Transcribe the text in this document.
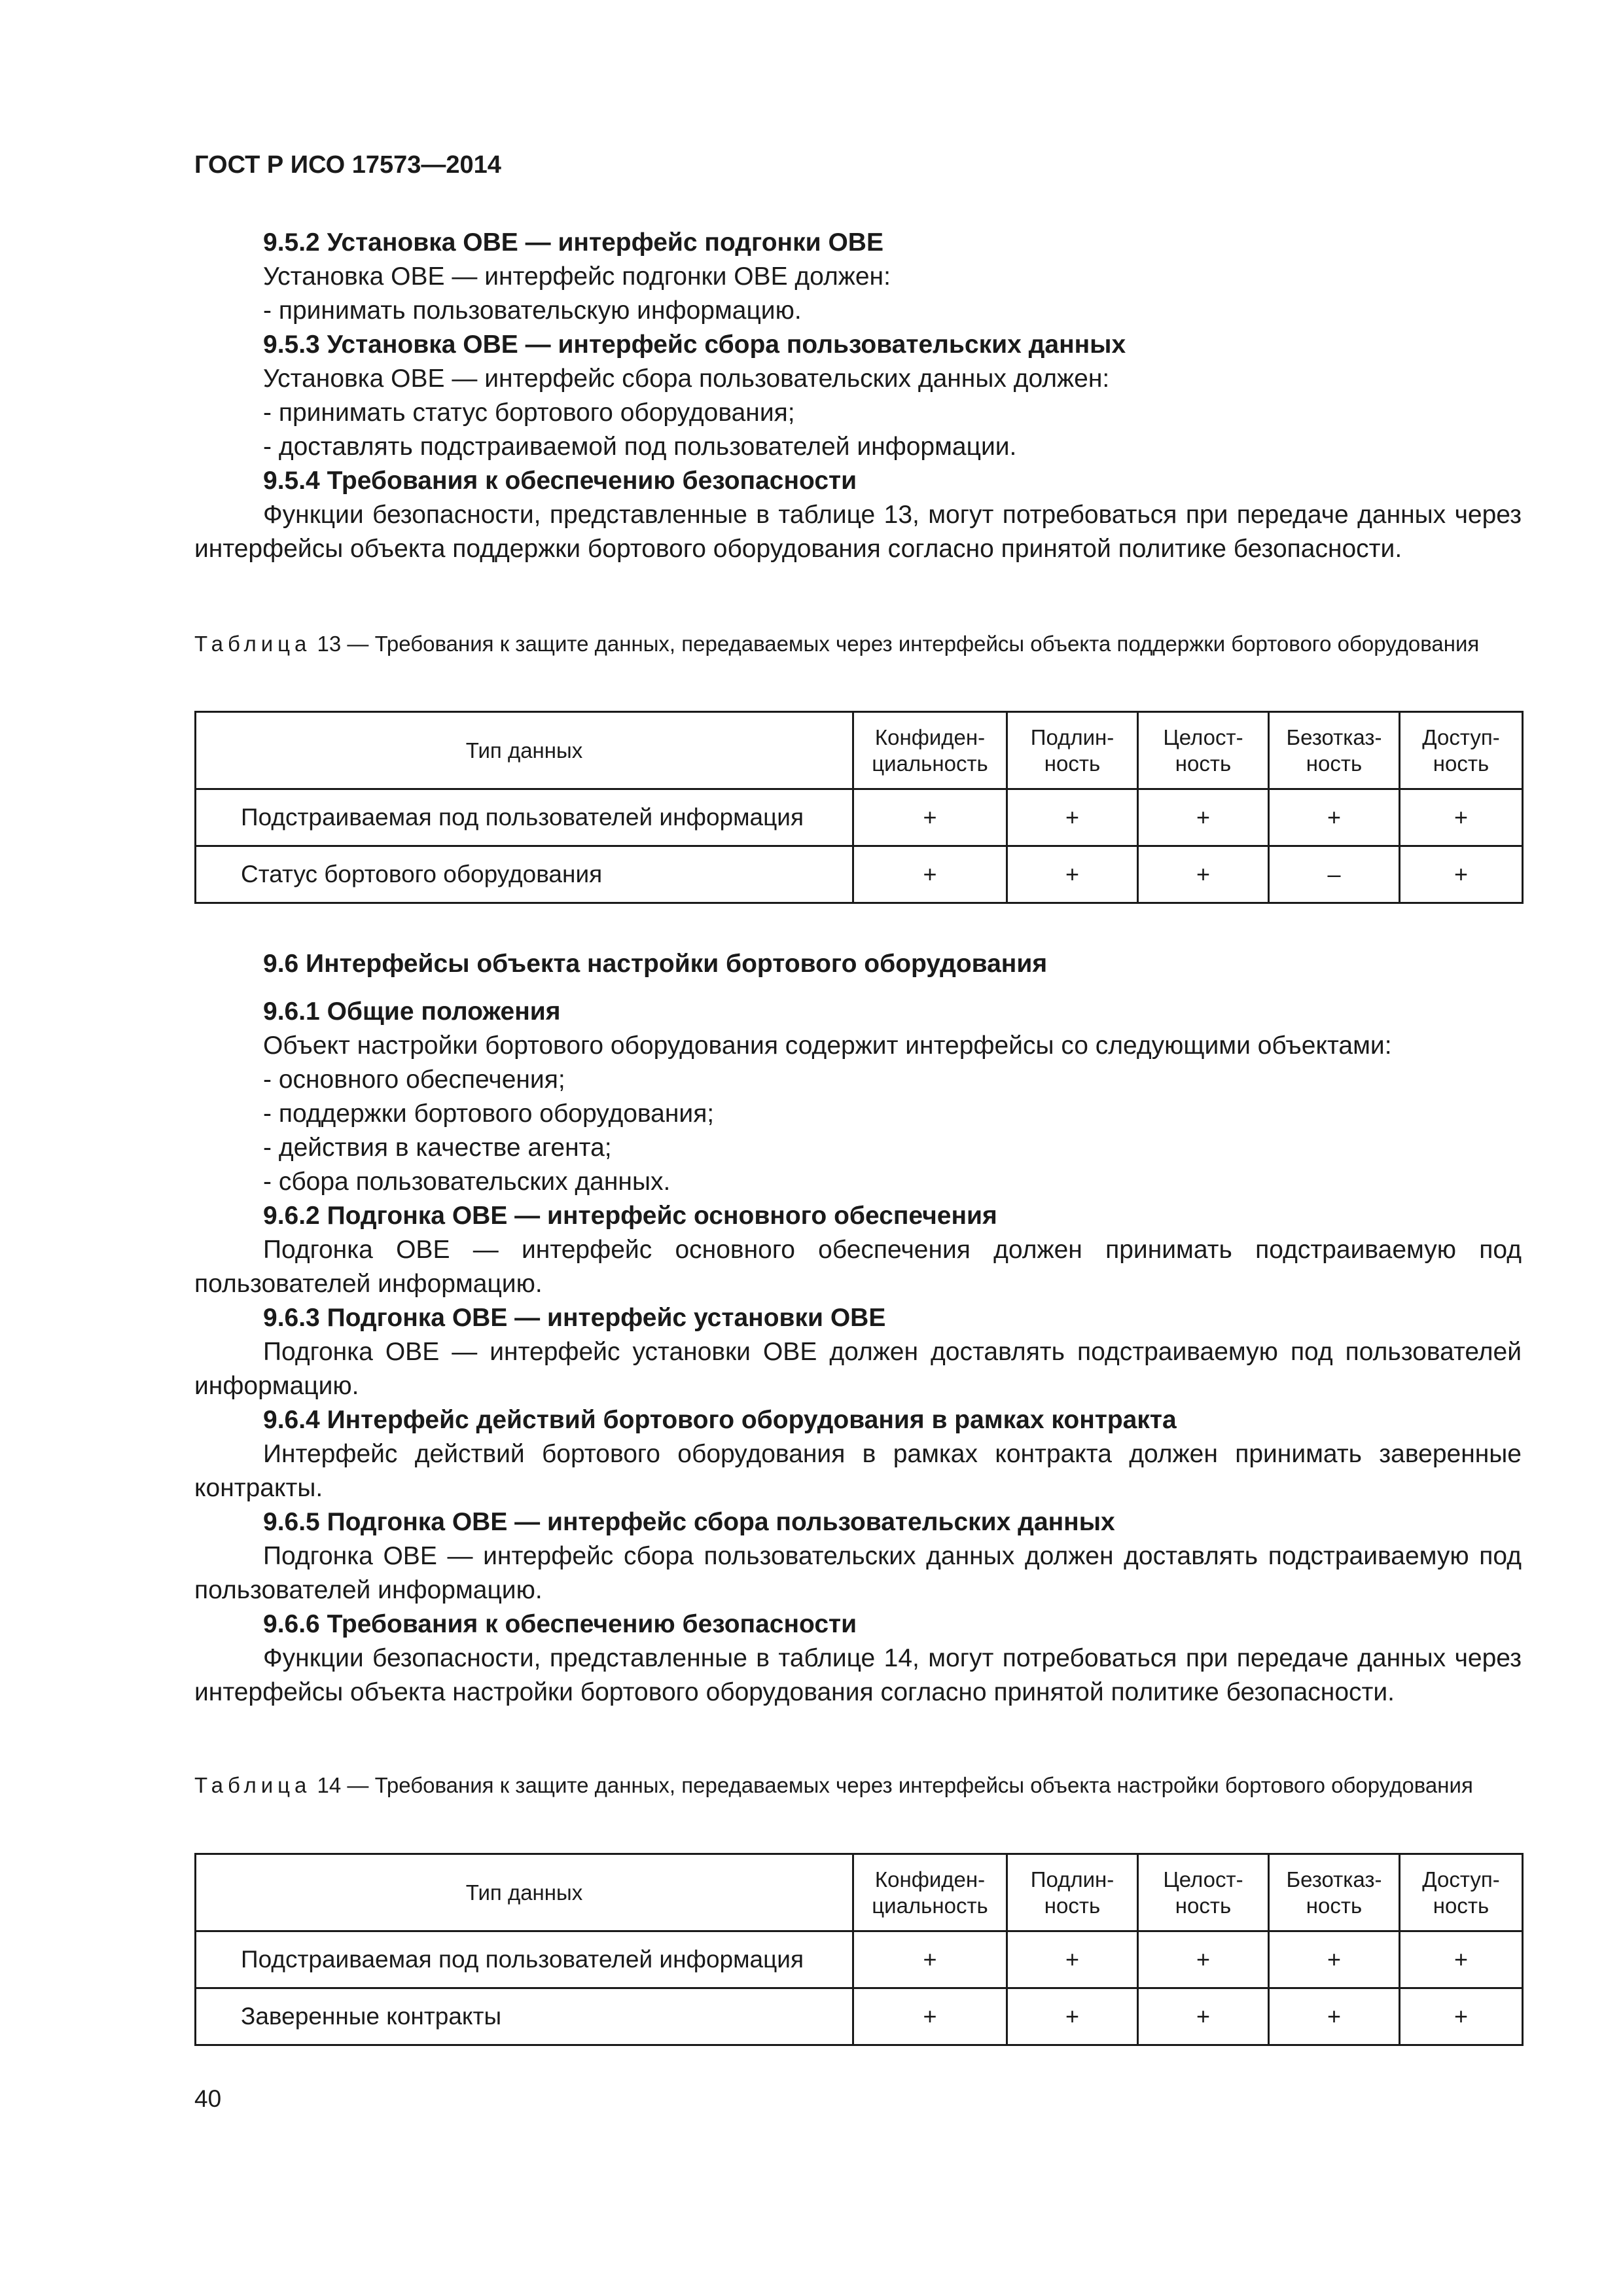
ГОСТ Р ИСО 17573—2014

9.5.2 Установка ОВЕ — интерфейс подгонки ОВЕ

Установка ОВЕ — интерфейс подгонки ОВЕ должен:

- принимать пользовательскую информацию.

9.5.3 Установка ОВЕ — интерфейс сбора пользовательских данных

Установка ОВЕ — интерфейс сбора пользовательских данных должен:

- принимать статус бортового оборудования;

- доставлять подстраиваемой под пользователей информации.

9.5.4 Требования к обеспечению безопасности

Функции безопасности, представленные в таблице 13, могут потребоваться при передаче данных через интерфейсы объекта поддержки бортового оборудования согласно принятой политике безопасности.

Таблица 13 — Требования к защите данных, передаваемых через интерфейсы объекта поддержки бортового оборудования
Тип данных	Конфиден-циальность	Подлин-ность	Целост-ность	Безотказ-ность	Доступ-ность
Подстраиваемая под пользователей информация	+	+	+	+	+
Статус бортового оборудования	+	+	+	–	+

9.6 Интерфейсы объекта настройки бортового оборудования

9.6.1 Общие положения

Объект настройки бортового оборудования содержит интерфейсы со следующими объектами:

- основного обеспечения;

- поддержки бортового оборудования;

- действия в качестве агента;

- сбора пользовательских данных.

9.6.2 Подгонка ОВЕ — интерфейс основного обеспечения

Подгонка ОВЕ — интерфейс основного обеспечения должен принимать подстраиваемую под пользователей информацию.

9.6.3 Подгонка ОВЕ — интерфейс установки ОВЕ

Подгонка ОВЕ — интерфейс установки ОВЕ должен доставлять подстраиваемую под пользователей информацию.

9.6.4 Интерфейс действий бортового оборудования в рамках контракта

Интерфейс действий бортового оборудования в рамках контракта должен принимать заверенные контракты.

9.6.5 Подгонка ОВЕ — интерфейс сбора пользовательских данных

Подгонка ОВЕ — интерфейс сбора пользовательских данных должен доставлять подстраиваемую под пользователей информацию.

9.6.6 Требования к обеспечению безопасности

Функции безопасности, представленные в таблице 14, могут потребоваться при передаче данных через интерфейсы объекта настройки бортового оборудования согласно принятой политике безопасности.

Таблица 14 — Требования к защите данных, передаваемых через интерфейсы объекта настройки бортового оборудования
Тип данных	Конфиден-циальность	Подлин-ность	Целост-ность	Безотказ-ность	Доступ-ность
Подстраиваемая под пользователей информация	+	+	+	+	+
Заверенные контракты	+	+	+	+	+
40
